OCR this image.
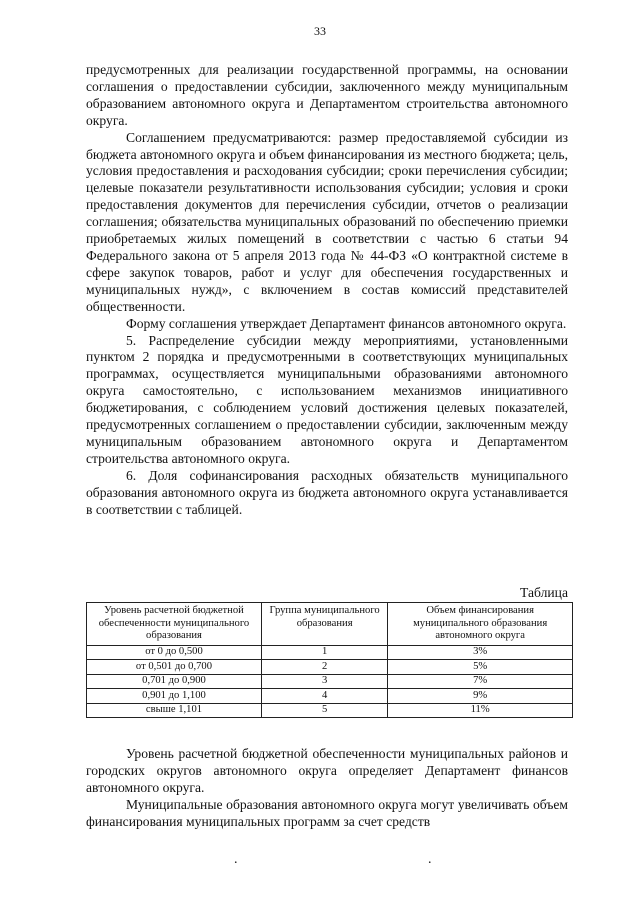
33

предусмотренных для реализации государственной программы, на основании соглашения о предоставлении субсидии, заключенного между муниципальным образованием автономного округа и Департаментом строительства автономного округа.

Соглашением предусматриваются: размер предоставляемой субсидии из бюджета автономного округа и объем финансирования из местного бюджета; цель, условия предоставления и расходования субсидии; сроки перечисления субсидии; целевые показатели результативности использования субсидии; условия и сроки предоставления документов для перечисления субсидии, отчетов о реализации соглашения; обязательства муниципальных образований по обеспечению приемки приобретаемых жилых помещений в соответствии с частью 6 статьи 94 Федерального закона от 5 апреля 2013 года № 44-ФЗ «О контрактной системе в сфере закупок товаров, работ и услуг для обеспечения государственных и муниципальных нужд», с включением в состав комиссий представителей общественности.

Форму соглашения утверждает Департамент финансов автономного округа.

5. Распределение субсидии между мероприятиями, установленными пунктом 2 порядка и предусмотренными в соответствующих муниципальных программах, осуществляется муниципальными образованиями автономного округа самостоятельно, с использованием механизмов инициативного бюджетирования, с соблюдением условий достижения целевых показателей, предусмотренных соглашением о предоставлении субсидии, заключенным между муниципальным образованием автономного округа и Департаментом строительства автономного округа.

6. Доля софинансирования расходных обязательств муниципального образования автономного округа из бюджета автономного округа устанавливается в соответствии с таблицей.

Таблица
Уровень расчетной бюджетной обеспеченности муниципального образования	Группа муниципального образования	Объем финансирования муниципального образования автономного округа
от 0 до 0,500	1	3%
от 0,501 до 0,700	2	5%
0,701 до 0,900	3	7%
0,901 до 1,100	4	9%
свыше 1,101	5	11%

Уровень расчетной бюджетной обеспеченности муниципальных районов и городских округов автономного округа определяет Департамент финансов автономного округа.

Муниципальные образования автономного округа могут увеличивать объем финансирования муниципальных программ за счет средств

.	.
